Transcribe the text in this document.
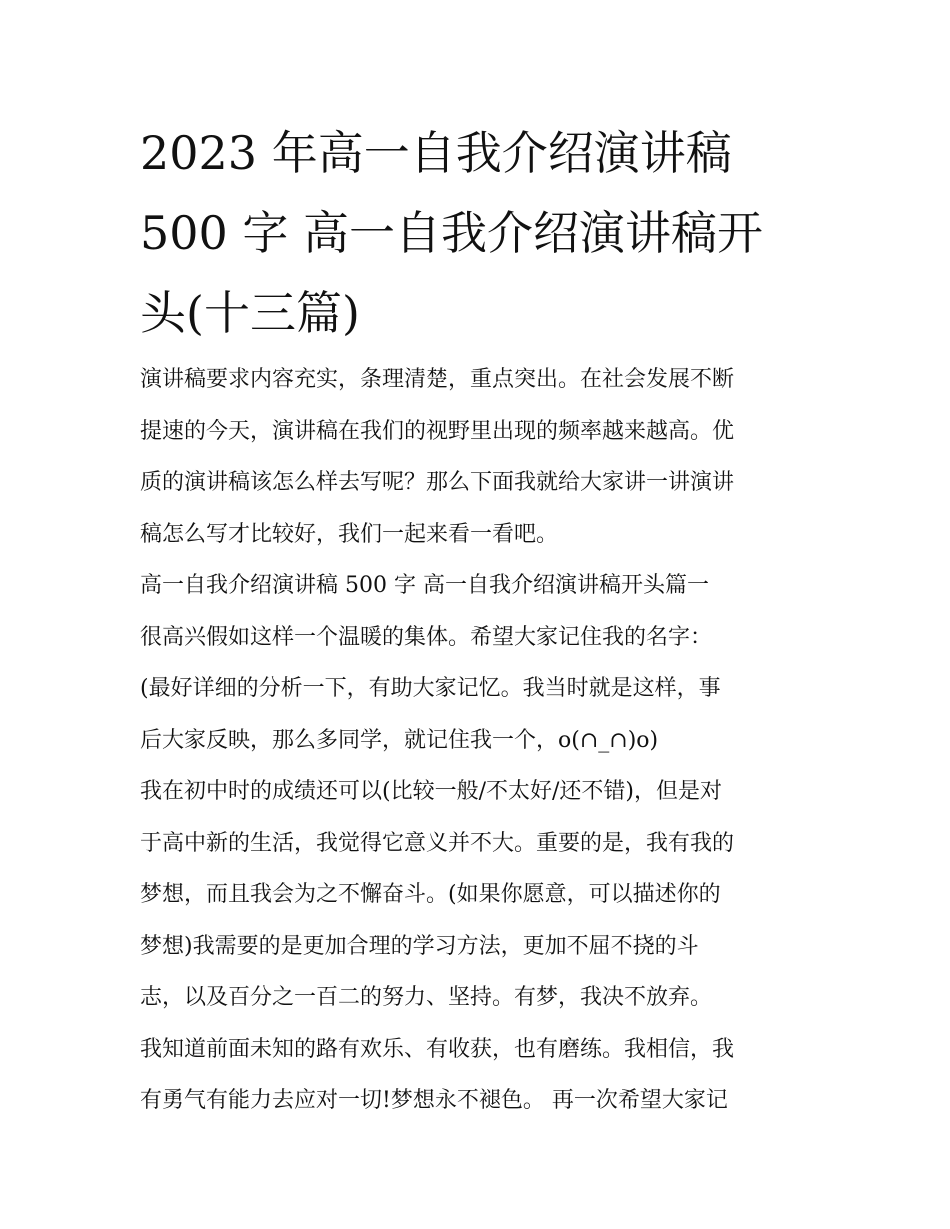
2023 年高一自我介绍演讲稿
500 字 高一自我介绍演讲稿开
头(十三篇)
演讲稿要求内容充实，条理清楚，重点突出。在社会发展不断
提速的今天，演讲稿在我们的视野里出现的频率越来越高。优
质的演讲稿该怎么样去写呢？那么下面我就给大家讲一讲演讲
稿怎么写才比较好，我们一起来看一看吧。
高一自我介绍演讲稿 500 字 高一自我介绍演讲稿开头篇一
很高兴假如这样一个温暖的集体。希望大家记住我的名字：
(最好详细的分析一下，有助大家记忆。我当时就是这样，事
后大家反映，那么多同学，就记住我一个，o(∩_∩)o)
我在初中时的成绩还可以(比较一般/不太好/还不错)，但是对
于高中新的生活，我觉得它意义并不大。重要的是，我有我的
梦想，而且我会为之不懈奋斗。(如果你愿意，可以描述你的
梦想)我需要的是更加合理的学习方法，更加不屈不挠的斗
志，以及百分之一百二的努力、坚持。有梦，我决不放弃。
我知道前面未知的路有欢乐、有收获，也有磨练。我相信，我
有勇气有能力去应对一切!梦想永不褪色。 再一次希望大家记
